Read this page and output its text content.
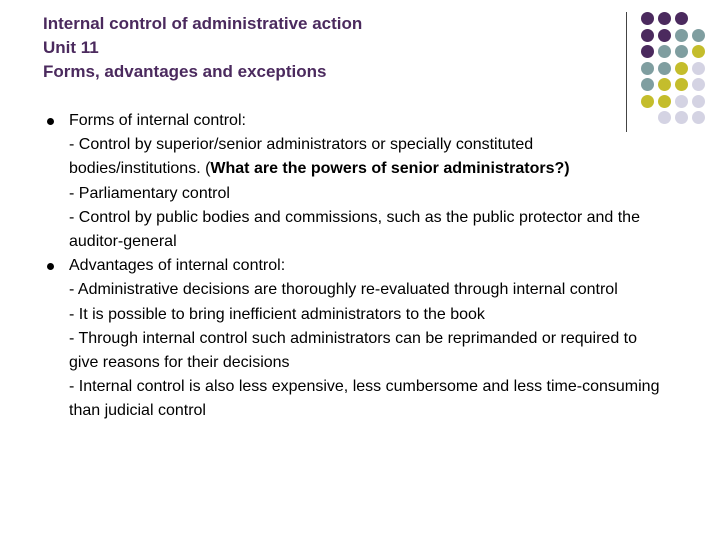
Internal control of administrative action
Unit 11
Forms, advantages and exceptions
Forms of internal control:
- Control by superior/senior administrators or specially constituted bodies/institutions. (What are the powers of senior administrators?)
- Parliamentary control
- Control by public bodies and commissions, such as the public protector and the auditor-general
Advantages of internal control:
- Administrative decisions are thoroughly re-evaluated through internal control
- It is possible to bring inefficient administrators to the book
- Through internal control such administrators can be reprimanded or required to give reasons for their decisions
- Internal control is also less expensive, less cumbersome and less time-consuming than judicial control
